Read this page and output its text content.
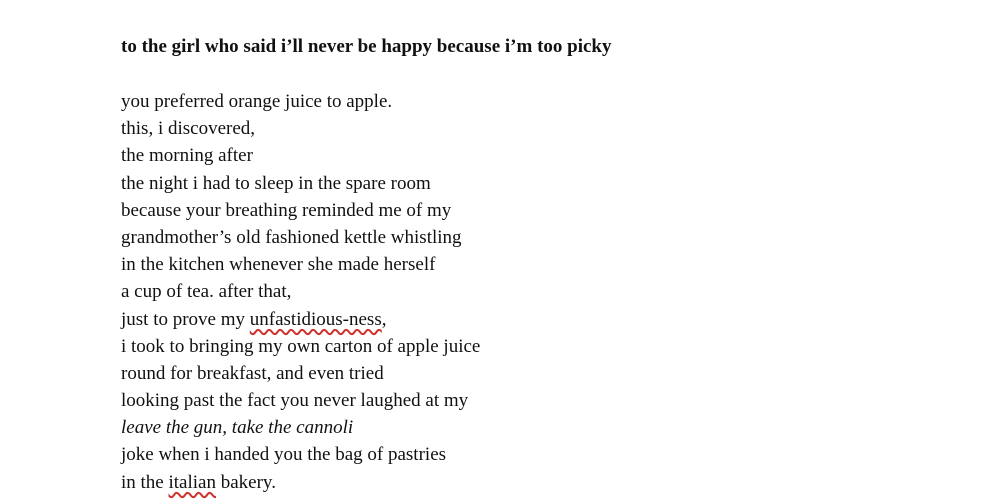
to the girl who said i’ll never be happy because i’m too picky
you preferred orange juice to apple.
this, i discovered,
the morning after
the night i had to sleep in the spare room
because your breathing reminded me of my
grandmother’s old fashioned kettle whistling
in the kitchen whenever she made herself
a cup of tea. after that,
just to prove my unfastidious-ness,
i took to bringing my own carton of apple juice
round for breakfast, and even tried
looking past the fact you never laughed at my
leave the gun, take the cannoli
joke when i handed you the bag of pastries
in the italian bakery.
